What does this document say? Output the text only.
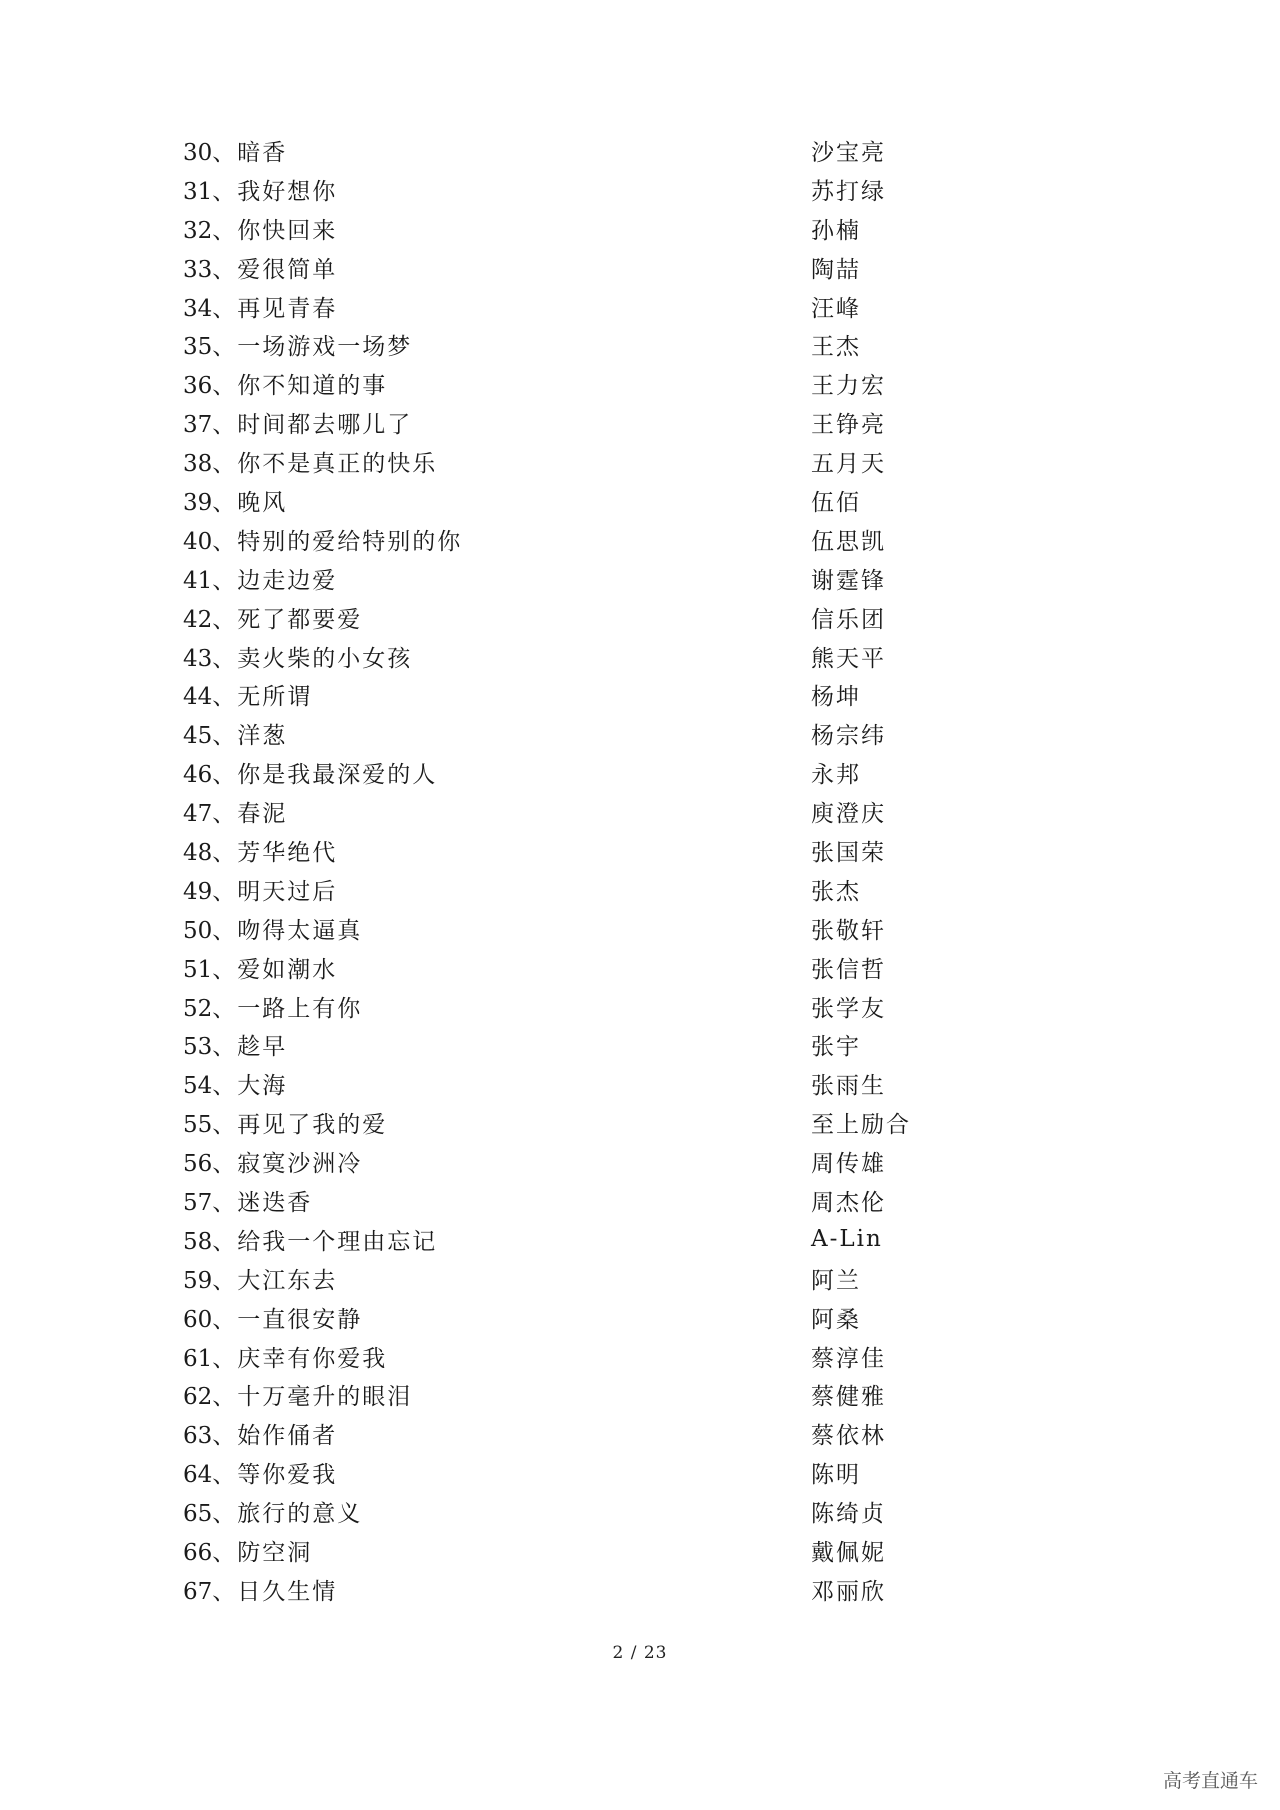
30、暗香	沙宝亮
31、我好想你	苏打绿
32、你快回来	孙楠
33、爱很简单	陶喆
34、再见青春	汪峰
35、一场游戏一场梦	王杰
36、你不知道的事	王力宏
37、时间都去哪儿了	王铮亮
38、你不是真正的快乐	五月天
39、晚风	伍佰
40、特别的爱给特别的你	伍思凯
41、边走边爱	谢霆锋
42、死了都要爱	信乐团
43、卖火柴的小女孩	熊天平
44、无所谓	杨坤
45、洋葱	杨宗纬
46、你是我最深爱的人	永邦
47、春泥	庾澄庆
48、芳华绝代	张国荣
49、明天过后	张杰
50、吻得太逼真	张敬轩
51、爱如潮水	张信哲
52、一路上有你	张学友
53、趁早	张宇
54、大海	张雨生
55、再见了我的爱	至上励合
56、寂寞沙洲冷	周传雄
57、迷迭香	周杰伦
58、给我一个理由忘记	A-Lin
59、大江东去	阿兰
60、一直很安静	阿桑
61、庆幸有你爱我	蔡淳佳
62、十万毫升的眼泪	蔡健雅
63、始作俑者	蔡依林
64、等你爱我	陈明
65、旅行的意义	陈绮贞
66、防空洞	戴佩妮
67、日久生情	邓丽欣
2 / 23
高考直通车
